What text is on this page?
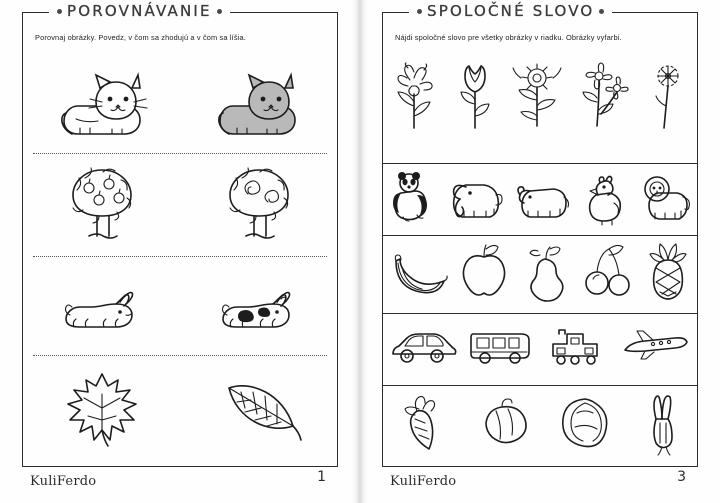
POROVNÁVANIE
Porovnaj obrázky. Povedz, v čom sa zhodujú a v čom sa líšia.
KuliFerdo	1
SPOLOČNÉ SLOVO
Nájdi spoločné slovo pre všetky obrázky v riadku. Obrázky vyfarbi.
KuliFerdo	3
